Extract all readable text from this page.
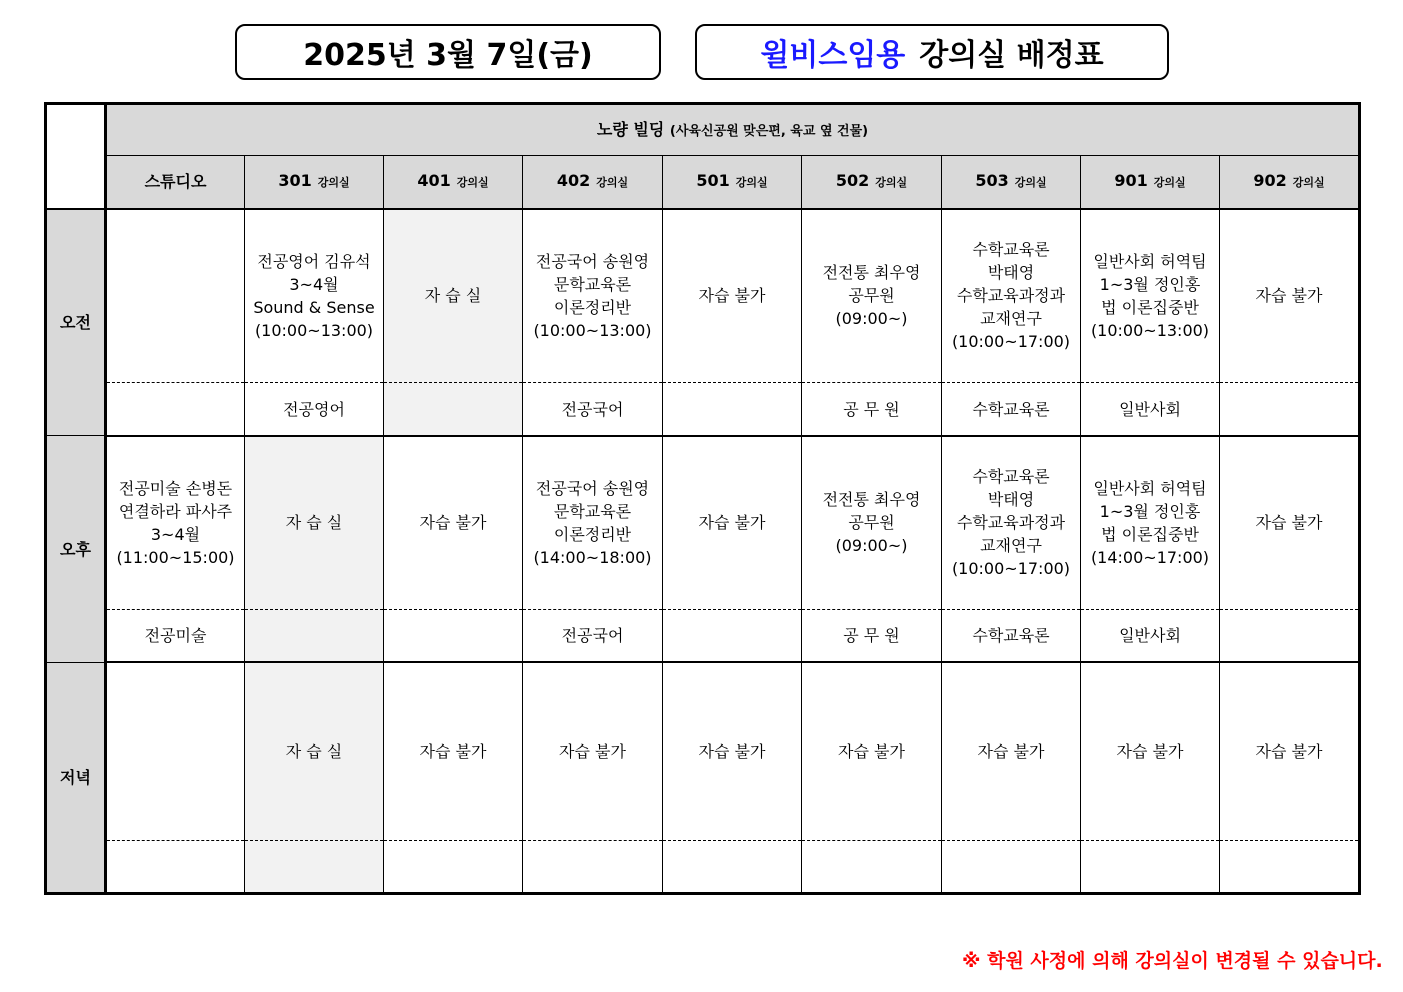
2025년 3월 7일(금)	윌비스임용 강의실 배정표
	노량 빌딩 (사육신공원 맞은편, 육교 옆 건물)								
	스튜디오	301 강의실	401 강의실	402 강의실	501 강의실	502 강의실	503 강의실	901 강의실	902 강의실
오전		전공영어 김유석
3~4월
Sound & Sense
(10:00~13:00)	자 습 실	전공국어 송원영
문학교육론
이론정리반
(10:00~13:00)	자습 불가	전전통 최우영
공무원
(09:00~)	수학교육론
박태영
수학교육과정과
교재연구
(10:00~17:00)	일반사회 허역팀
1~3월 정인홍
법 이론집중반
(10:00~13:00)	자습 불가
		전공영어		전공국어		공 무 원	수학교육론	일반사회	
오후	전공미술 손병돈
연결하라 파사주
3~4월
(11:00~15:00)	자 습 실	자습 불가	전공국어 송원영
문학교육론
이론정리반
(14:00~18:00)	자습 불가	전전통 최우영
공무원
(09:00~)	수학교육론
박태영
수학교육과정과
교재연구
(10:00~17:00)	일반사회 허역팀
1~3월 정인홍
법 이론집중반
(14:00~17:00)	자습 불가
	전공미술			전공국어		공 무 원	수학교육론	일반사회	
저녁		자 습 실	자습 불가	자습 불가	자습 불가	자습 불가	자습 불가	자습 불가	자습 불가

※ 학원 사정에 의해 강의실이 변경될 수 있습니다.
